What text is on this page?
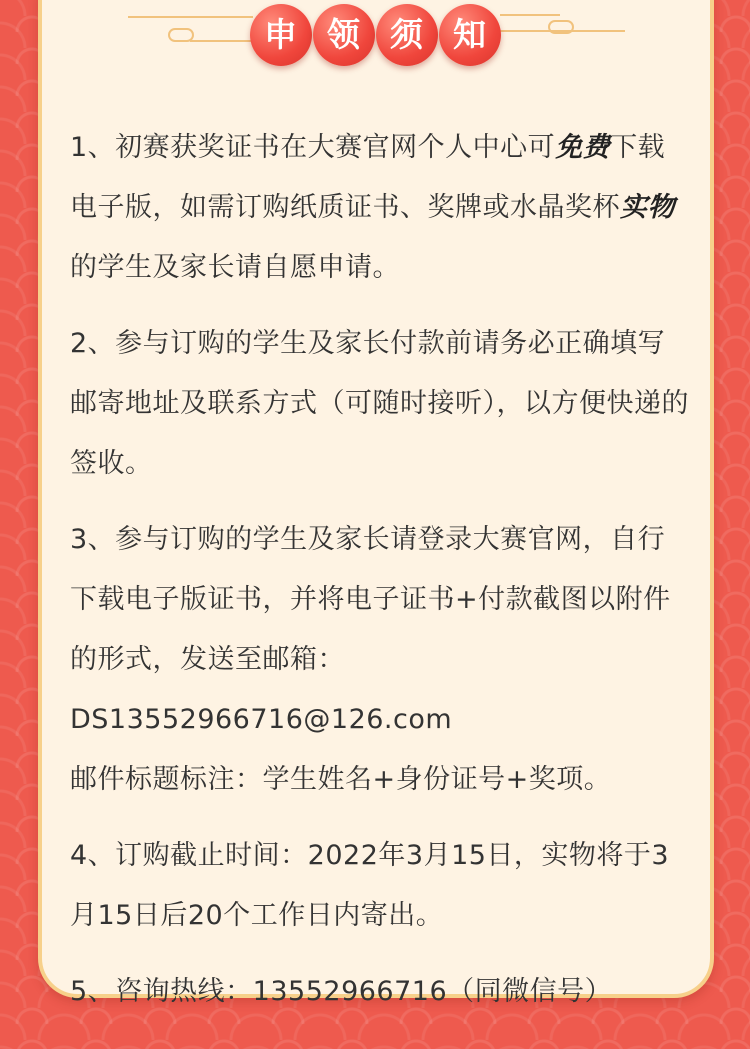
申 领 须 知

1、初赛获奖证书在大赛官网个人中心可免费下载电子版，如需订购纸质证书、奖牌或水晶奖杯实物的学生及家长请自愿申请。

2、参与订购的学生及家长付款前请务必正确填写邮寄地址及联系方式（可随时接听），以方便快递的签收。

3、参与订购的学生及家长请登录大赛官网，自行下载电子版证书，并将电子证书+付款截图以附件的形式，发送至邮箱：DS13552966716@126.com
邮件标题标注：学生姓名+身份证号+奖项。

4、订购截止时间：2022年3月15日，实物将于3月15日后20个工作日内寄出。

5、咨询热线：13552966716（同微信号）
